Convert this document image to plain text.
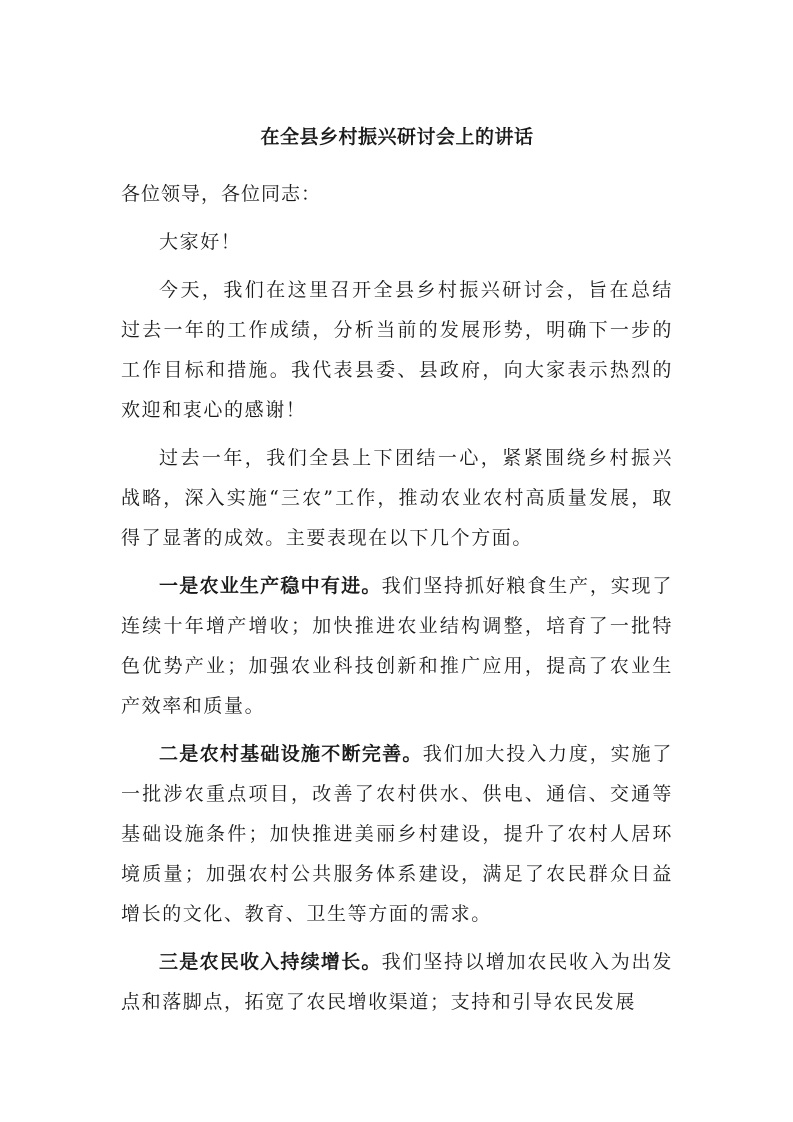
在全县乡村振兴研讨会上的讲话

各位领导，各位同志：

大家好！

今天，我们在这里召开全县乡村振兴研讨会，旨在总结过去一年的工作成绩，分析当前的发展形势，明确下一步的工作目标和措施。我代表县委、县政府，向大家表示热烈的欢迎和衷心的感谢！

过去一年，我们全县上下团结一心，紧紧围绕乡村振兴战略，深入实施“三农”工作，推动农业农村高质量发展，取得了显著的成效。主要表现在以下几个方面。

一是农业生产稳中有进。我们坚持抓好粮食生产，实现了连续十年增产增收；加快推进农业结构调整，培育了一批特色优势产业；加强农业科技创新和推广应用，提高了农业生产效率和质量。

二是农村基础设施不断完善。我们加大投入力度，实施了一批涉农重点项目，改善了农村供水、供电、通信、交通等基础设施条件；加快推进美丽乡村建设，提升了农村人居环境质量；加强农村公共服务体系建设，满足了农民群众日益增长的文化、教育、卫生等方面的需求。

三是农民收入持续增长。我们坚持以增加农民收入为出发点和落脚点，拓宽了农民增收渠道；支持和引导农民发展
